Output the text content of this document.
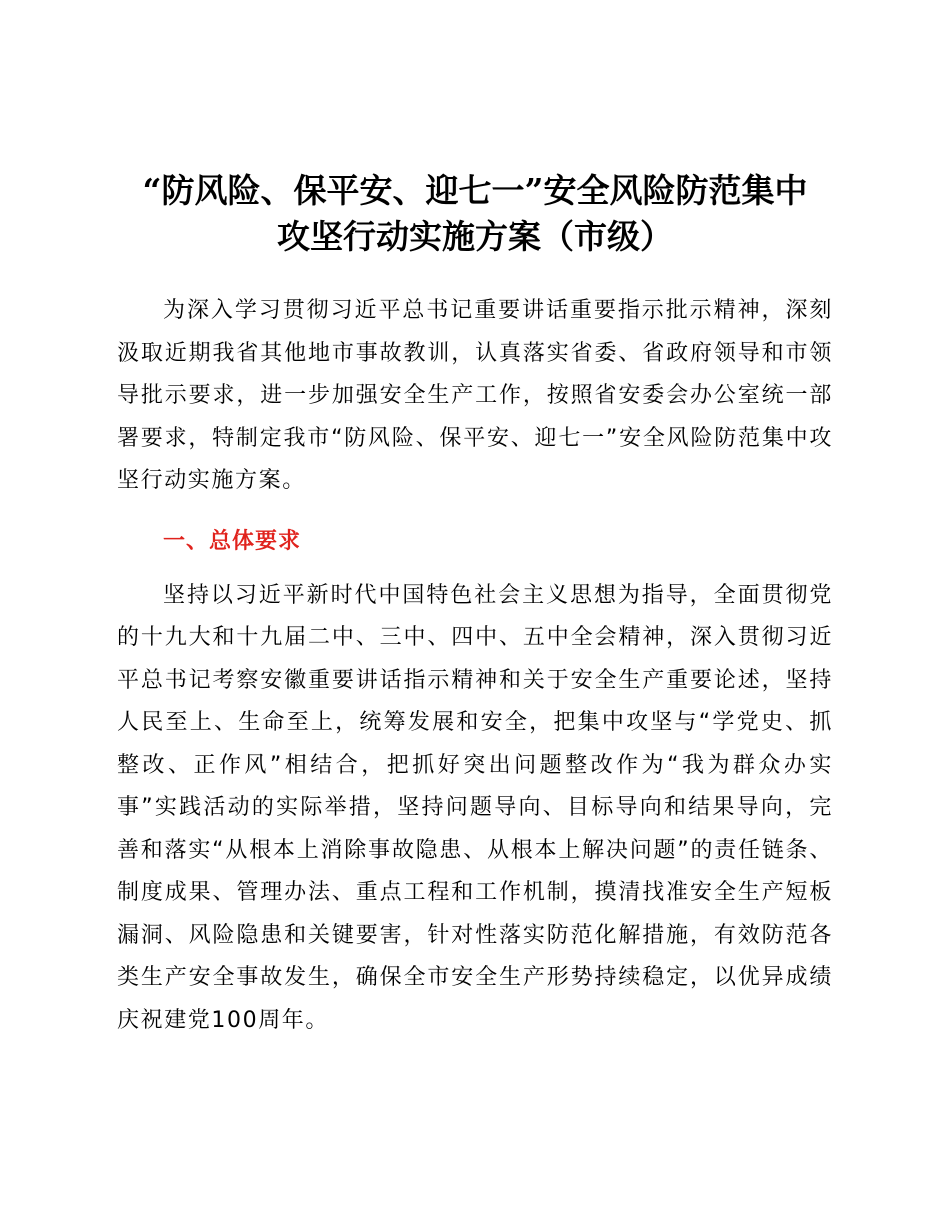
“防风险、保平安、迎七一”安全风险防范集中
攻坚行动实施方案（市级）

为深入学习贯彻习近平总书记重要讲话重要指示批示精神，深刻汲取近期我省其他地市事故教训，认真落实省委、省政府领导和市领导批示要求，进一步加强安全生产工作，按照省安委会办公室统一部署要求，特制定我市“防风险、保平安、迎七一”安全风险防范集中攻坚行动实施方案。

一、总体要求

坚持以习近平新时代中国特色社会主义思想为指导，全面贯彻党的十九大和十九届二中、三中、四中、五中全会精神，深入贯彻习近平总书记考察安徽重要讲话指示精神和关于安全生产重要论述，坚持人民至上、生命至上，统筹发展和安全，把集中攻坚与“学党史、抓整改、正作风”相结合，把抓好突出问题整改作为“我为群众办实事”实践活动的实际举措，坚持问题导向、目标导向和结果导向，完善和落实“从根本上消除事故隐患、从根本上解决问题”的责任链条、制度成果、管理办法、重点工程和工作机制，摸清找准安全生产短板漏洞、风险隐患和关键要害，针对性落实防范化解措施，有效防范各类生产安全事故发生，确保全市安全生产形势持续稳定，以优异成绩庆祝建党100周年。
